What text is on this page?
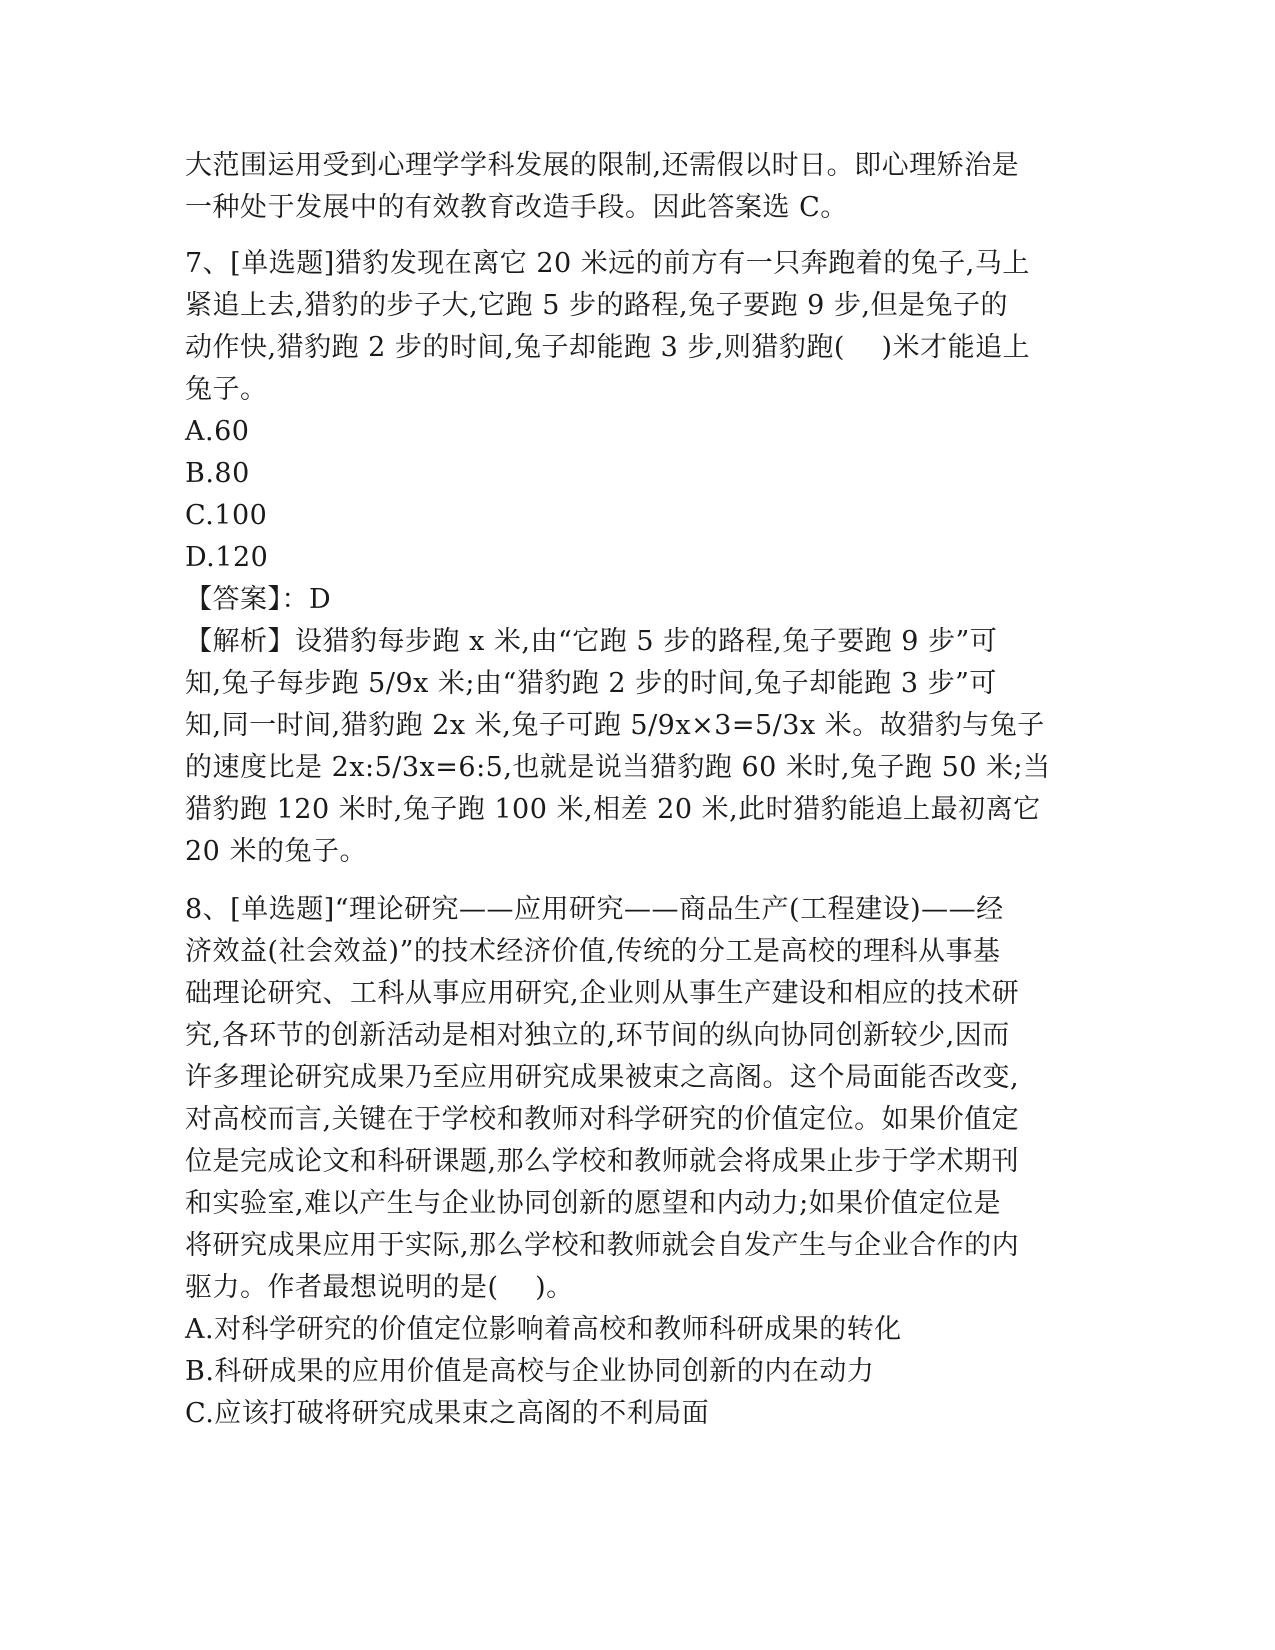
大范围运用受到心理学学科发展的限制,还需假以时日。即心理矫治是
一种处于发展中的有效教育改造手段。因此答案选 C。
7、[单选题]猎豹发现在离它 20 米远的前方有一只奔跑着的兔子,马上
紧追上去,猎豹的步子大,它跑 5 步的路程,兔子要跑 9 步,但是兔子的
动作快,猎豹跑 2 步的时间,兔子却能跑 3 步,则猎豹跑(　 )米才能追上
兔子。
A.60
B.80
C.100
D.120
【答案】：D
【解析】设猎豹每步跑 x 米,由“它跑 5 步的路程,兔子要跑 9 步”可
知,兔子每步跑 5/9x 米;由“猎豹跑 2 步的时间,兔子却能跑 3 步”可
知,同一时间,猎豹跑 2x 米,兔子可跑 5/9x×3=5/3x 米。故猎豹与兔子
的速度比是 2x:5/3x=6:5,也就是说当猎豹跑 60 米时,兔子跑 50 米;当
猎豹跑 120 米时,兔子跑 100 米,相差 20 米,此时猎豹能追上最初离它
20 米的兔子。
8、[单选题]“理论研究——应用研究——商品生产(工程建设)——经
济效益(社会效益)”的技术经济价值,传统的分工是高校的理科从事基
础理论研究、工科从事应用研究,企业则从事生产建设和相应的技术研
究,各环节的创新活动是相对独立的,环节间的纵向协同创新较少,因而
许多理论研究成果乃至应用研究成果被束之高阁。这个局面能否改变,
对高校而言,关键在于学校和教师对科学研究的价值定位。如果价值定
位是完成论文和科研课题,那么学校和教师就会将成果止步于学术期刊
和实验室,难以产生与企业协同创新的愿望和内动力;如果价值定位是
将研究成果应用于实际,那么学校和教师就会自发产生与企业合作的内
驱力。作者最想说明的是(　 )。
A.对科学研究的价值定位影响着高校和教师科研成果的转化
B.科研成果的应用价值是高校与企业协同创新的内在动力
C.应该打破将研究成果束之高阁的不利局面
